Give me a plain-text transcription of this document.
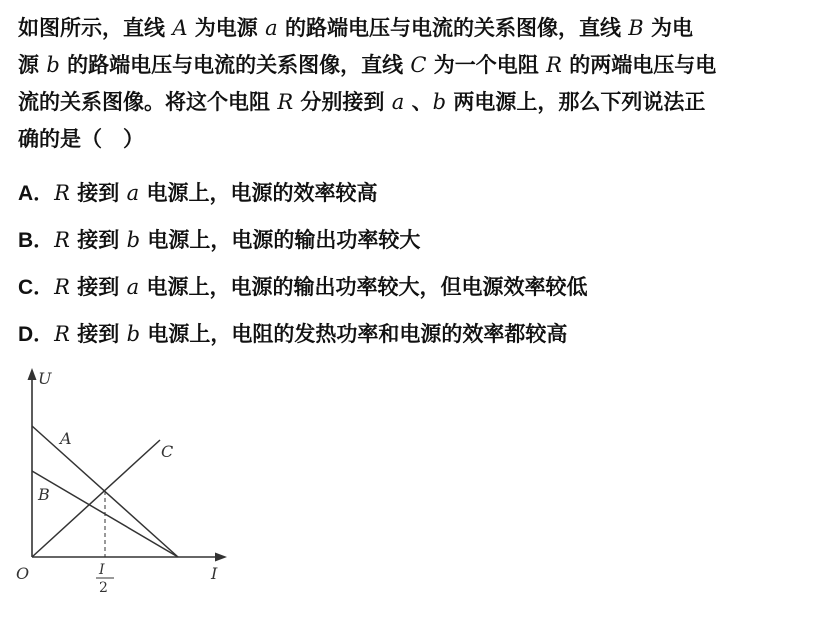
如图所示，直线 A 为电源 a 的路端电压与电流的关系图像，直线 B 为电
源 b 的路端电压与电流的关系图像，直线 C 为一个电阻 R 的两端电压与电
流的关系图像。将这个电阻 R 分别接到 a 、b 两电源上，那么下列说法正
确的是（　）
A．R 接到 a 电源上，电源的效率较高
B．R 接到 b 电源上，电源的输出功率较大
C．R 接到 a 电源上，电源的输出功率较大，但电源效率较低
D．R 接到 b 电源上，电阻的发热功率和电源的效率都较高
U
I
O
A
B
C
I
2
